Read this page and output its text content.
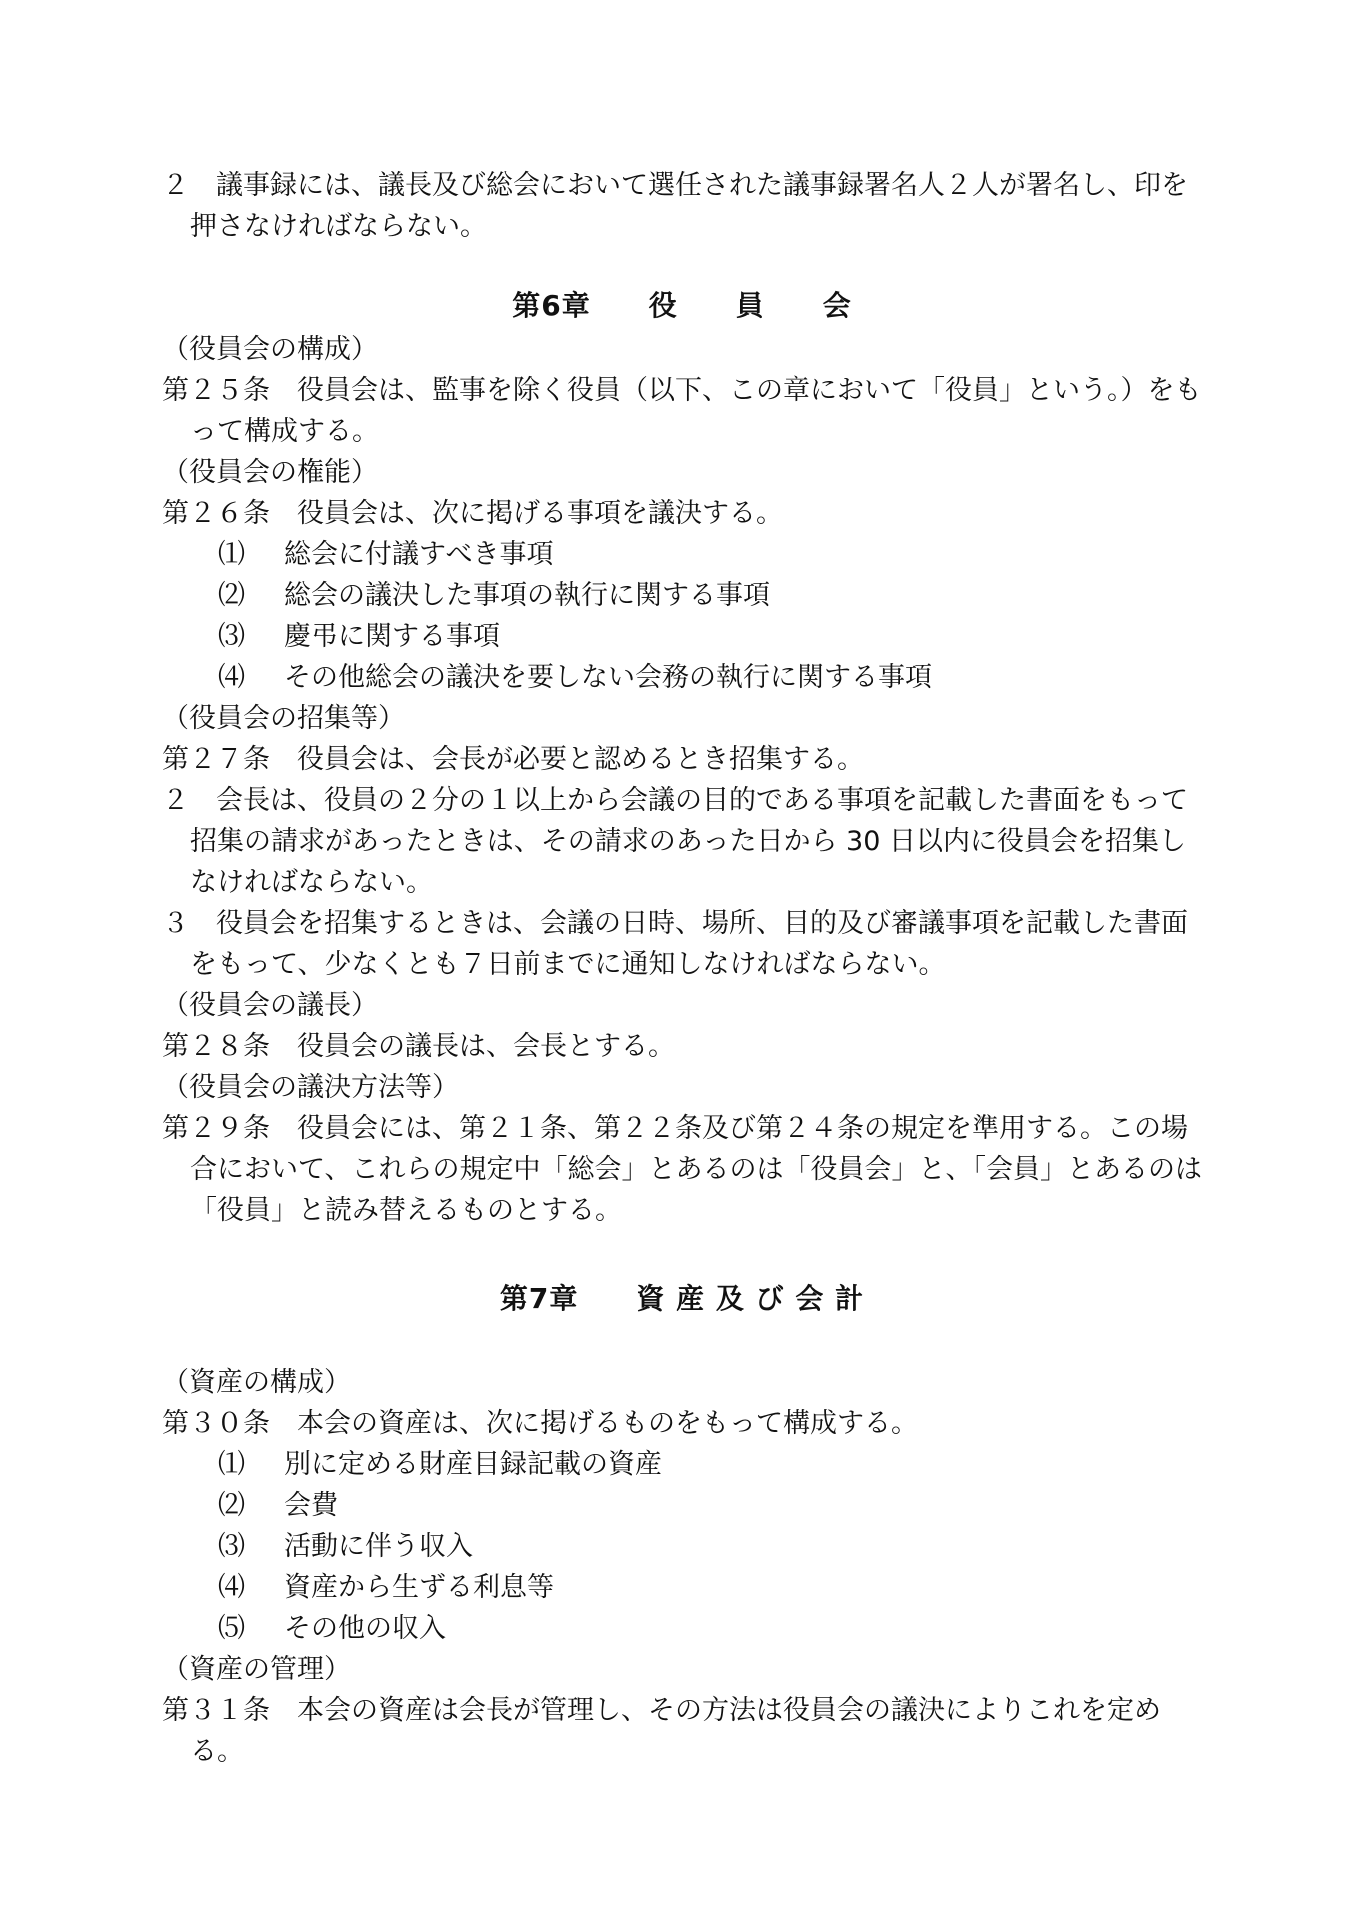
２　議事録には、議長及び総会において選任された議事録署名人２人が署名し、印を押さなければならない。

第6章　　役　　員　　会

（役員会の構成）

第２５条　役員会は、監事を除く役員（以下、この章において「役員」という。）をもって構成する。

（役員会の権能）

第２６条　役員会は、次に掲げる事項を議決する。

⑴ 総会に付議すべき事項

⑵ 総会の議決した事項の執行に関する事項

⑶ 慶弔に関する事項

⑷ その他総会の議決を要しない会務の執行に関する事項

（役員会の招集等）

第２７条　役員会は、会長が必要と認めるとき招集する。

２　会長は、役員の２分の１以上から会議の目的である事項を記載した書面をもって招集の請求があったときは、その請求のあった日から 30 日以内に役員会を招集しなければならない。

３　役員会を招集するときは、会議の日時、場所、目的及び審議事項を記載した書面をもって、少なくとも７日前までに通知しなければならない。

（役員会の議長）

第２８条　役員会の議長は、会長とする。

（役員会の議決方法等）

第２９条　役員会には、第２１条、第２２条及び第２４条の規定を準用する。この場合において、これらの規定中「総会」とあるのは「役員会」と、「会員」とあるのは「役員」と読み替えるものとする。

第7章　　資 産 及 び 会 計

（資産の構成）

第３０条　本会の資産は、次に掲げるものをもって構成する。

⑴ 別に定める財産目録記載の資産

⑵ 会費

⑶ 活動に伴う収入

⑷ 資産から生ずる利息等

⑸ その他の収入

（資産の管理）

第３１条　本会の資産は会長が管理し、その方法は役員会の議決によりこれを定める。
